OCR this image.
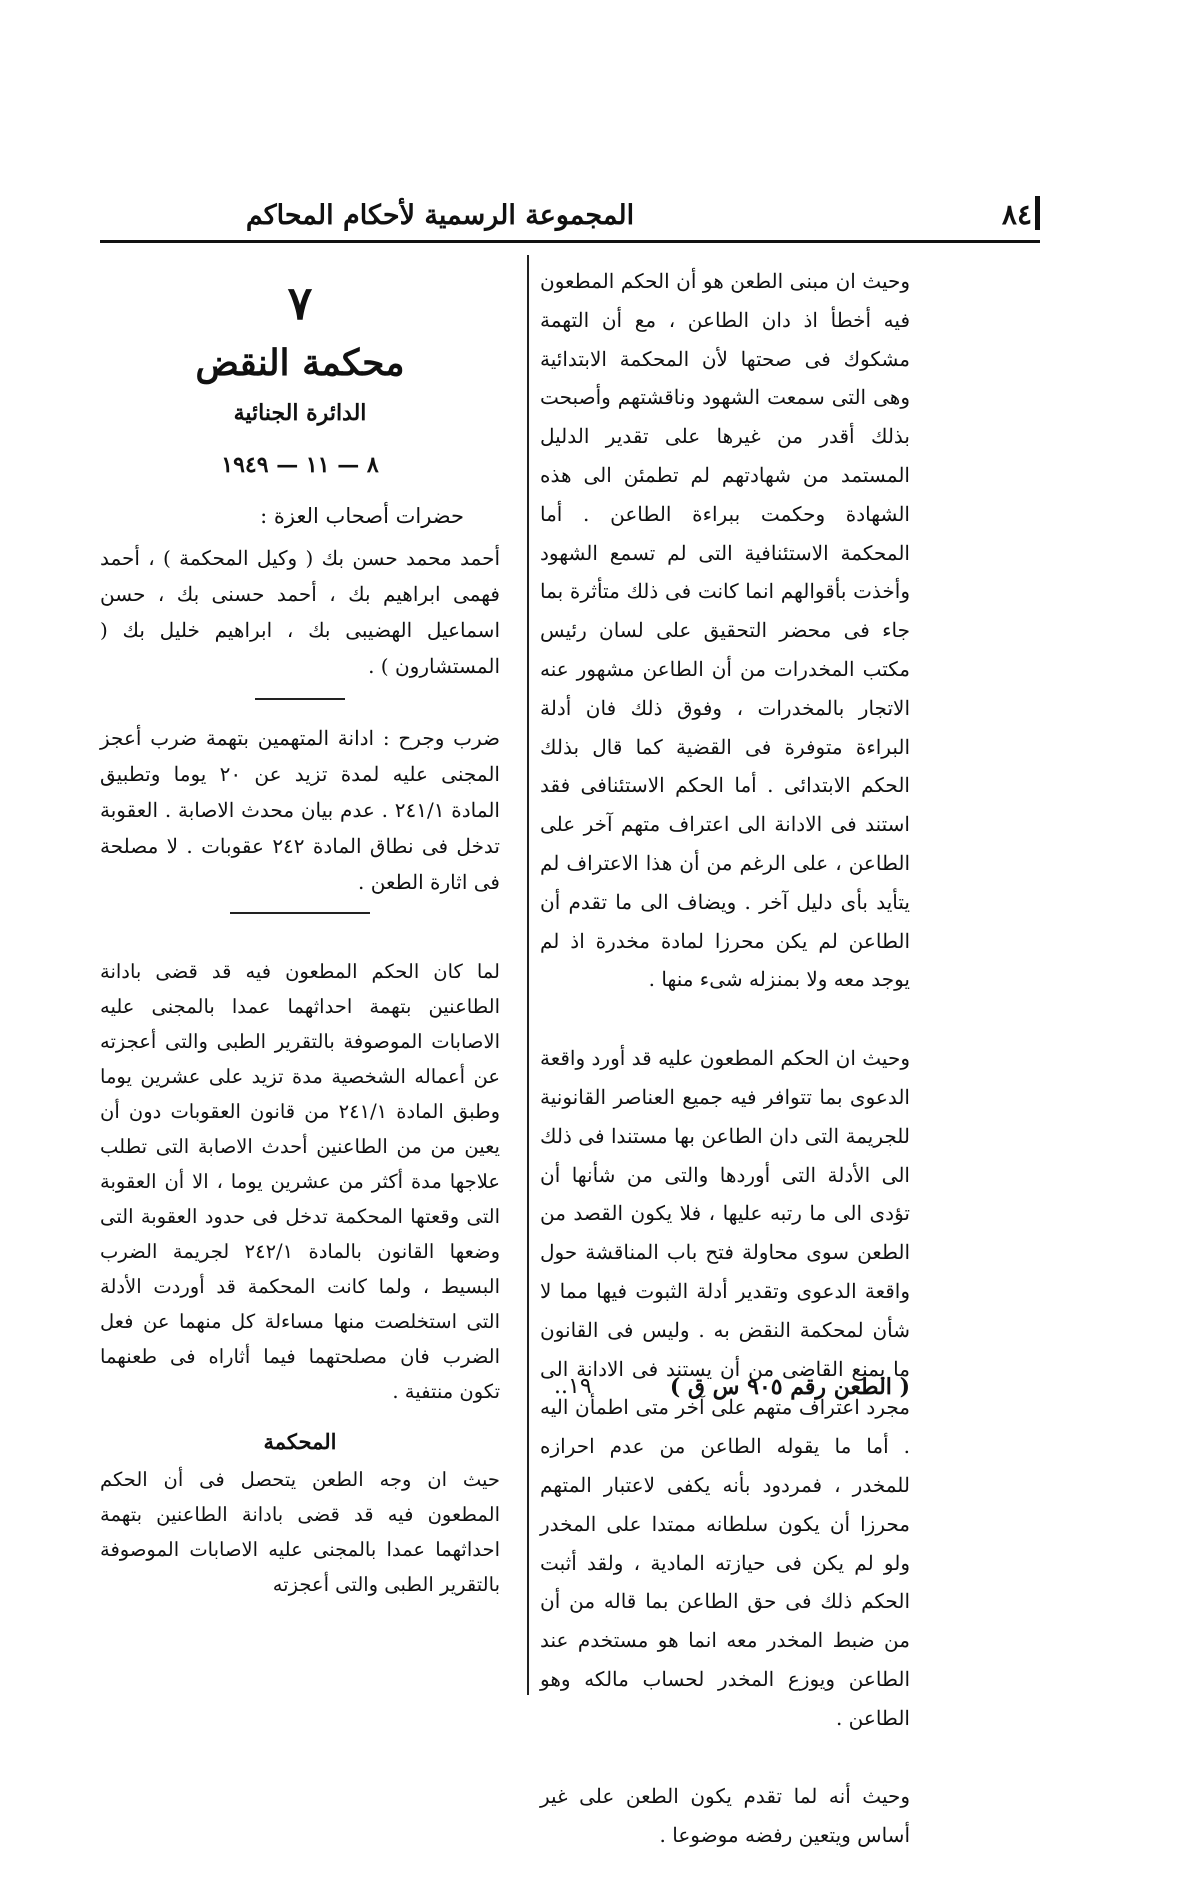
٨٤
المجموعة الرسمية لأحكام المحاكم
وحيث ان مبنى الطعن هو أن الحكم المطعون فيه أخطأ اذ دان الطاعن ، مع أن التهمة مشكوك فى صحتها لأن المحكمة الابتدائية وهى التى سمعت الشهود وناقشتهم وأصبحت بذلك أقدر من غيرها على تقدير الدليل المستمد من شهادتهم لم تطمئن الى هذه الشهادة وحكمت ببراءة الطاعن . أما المحكمة الاستئنافية التى لم تسمع الشهود وأخذت بأقوالهم انما كانت فى ذلك متأثرة بما جاء فى محضر التحقيق على لسان رئيس مكتب المخدرات من أن الطاعن مشهور عنه الاتجار بالمخدرات ، وفوق ذلك فان أدلة البراءة متوفرة فى القضية كما قال بذلك الحكم الابتدائى . أما الحكم الاستئنافى فقد استند فى الادانة الى اعتراف متهم آخر على الطاعن ، على الرغم من أن هذا الاعتراف لم يتأيد بأى دليل آخر . ويضاف الى ما تقدم أن الطاعن لم يكن محرزا لمادة مخدرة اذ لم يوجد معه ولا بمنزله شىء منها .
وحيث ان الحكم المطعون عليه قد أورد واقعة الدعوى بما تتوافر فيه جميع العناصر القانونية للجريمة التى دان الطاعن بها مستندا فى ذلك الى الأدلة التى أوردها والتى من شأنها أن تؤدى الى ما رتبه عليها ، فلا يكون القصد من الطعن سوى محاولة فتح باب المناقشة حول واقعة الدعوى وتقدير أدلة الثبوت فيها مما لا شأن لمحكمة النقض به . وليس فى القانون ما يمنع القاضى من أن يستند فى الادانة الى مجرد اعتراف متهم على آخر متى اطمأن اليه . أما ما يقوله الطاعن من عدم احرازه للمخدر ، فمردود بأنه يكفى لاعتبار المتهم محرزا أن يكون سلطانه ممتدا على المخدر ولو لم يكن فى حيازته المادية ، ولقد أثبت الحكم ذلك فى حق الطاعن بما قاله من أن من ضبط المخدر معه انما هو مستخدم عند الطاعن ويوزع المخدر لحساب مالكه وهو الطاعن .
وحيث أنه لما تقدم يكون الطعن على غير أساس ويتعين رفضه موضوعا .
( الطعن رقم ٩٠٥ س ق )
١٩..
٧
محكمة النقض
الدائرة الجنائية
٨ — ١١ — ١٩٤٩
حضرات أصحاب العزة :
أحمد محمد حسن بك ( وكيل المحكمة ) ، أحمد فهمى ابراهيم بك ، أحمد حسنى بك ، حسن اسماعيل الهضيبى بك ، ابراهيم خليل بك ( المستشارون ) .
ضرب وجرح : ادانة المتهمين بتهمة ضرب أعجز المجنى عليه لمدة تزيد عن ٢٠ يوما وتطبيق المادة ٢٤١/١ . عدم بيان محدث الاصابة . العقوبة تدخل فى نطاق المادة ٢٤٢ عقوبات . لا مصلحة فى اثارة الطعن .
لما كان الحكم المطعون فيه قد قضى بادانة الطاعنين بتهمة احداثهما عمدا بالمجنى عليه الاصابات الموصوفة بالتقرير الطبى والتى أعجزته عن أعماله الشخصية مدة تزيد على عشرين يوما وطبق المادة ٢٤١/١ من قانون العقوبات دون أن يعين من من الطاعنين أحدث الاصابة التى تطلب علاجها مدة أكثر من عشرين يوما ، الا أن العقوبة التى وقعتها المحكمة تدخل فى حدود العقوبة التى وضعها القانون بالمادة ٢٤٢/١ لجريمة الضرب البسيط ، ولما كانت المحكمة قد أوردت الأدلة التى استخلصت منها مساءلة كل منهما عن فعل الضرب فان مصلحتهما فيما أثاراه فى طعنهما تكون منتفية .
المحكمة
حيث ان وجه الطعن يتحصل فى أن الحكم المطعون فيه قد قضى بادانة الطاعنين بتهمة احداثهما عمدا بالمجنى عليه الاصابات الموصوفة بالتقرير الطبى والتى أعجزته
